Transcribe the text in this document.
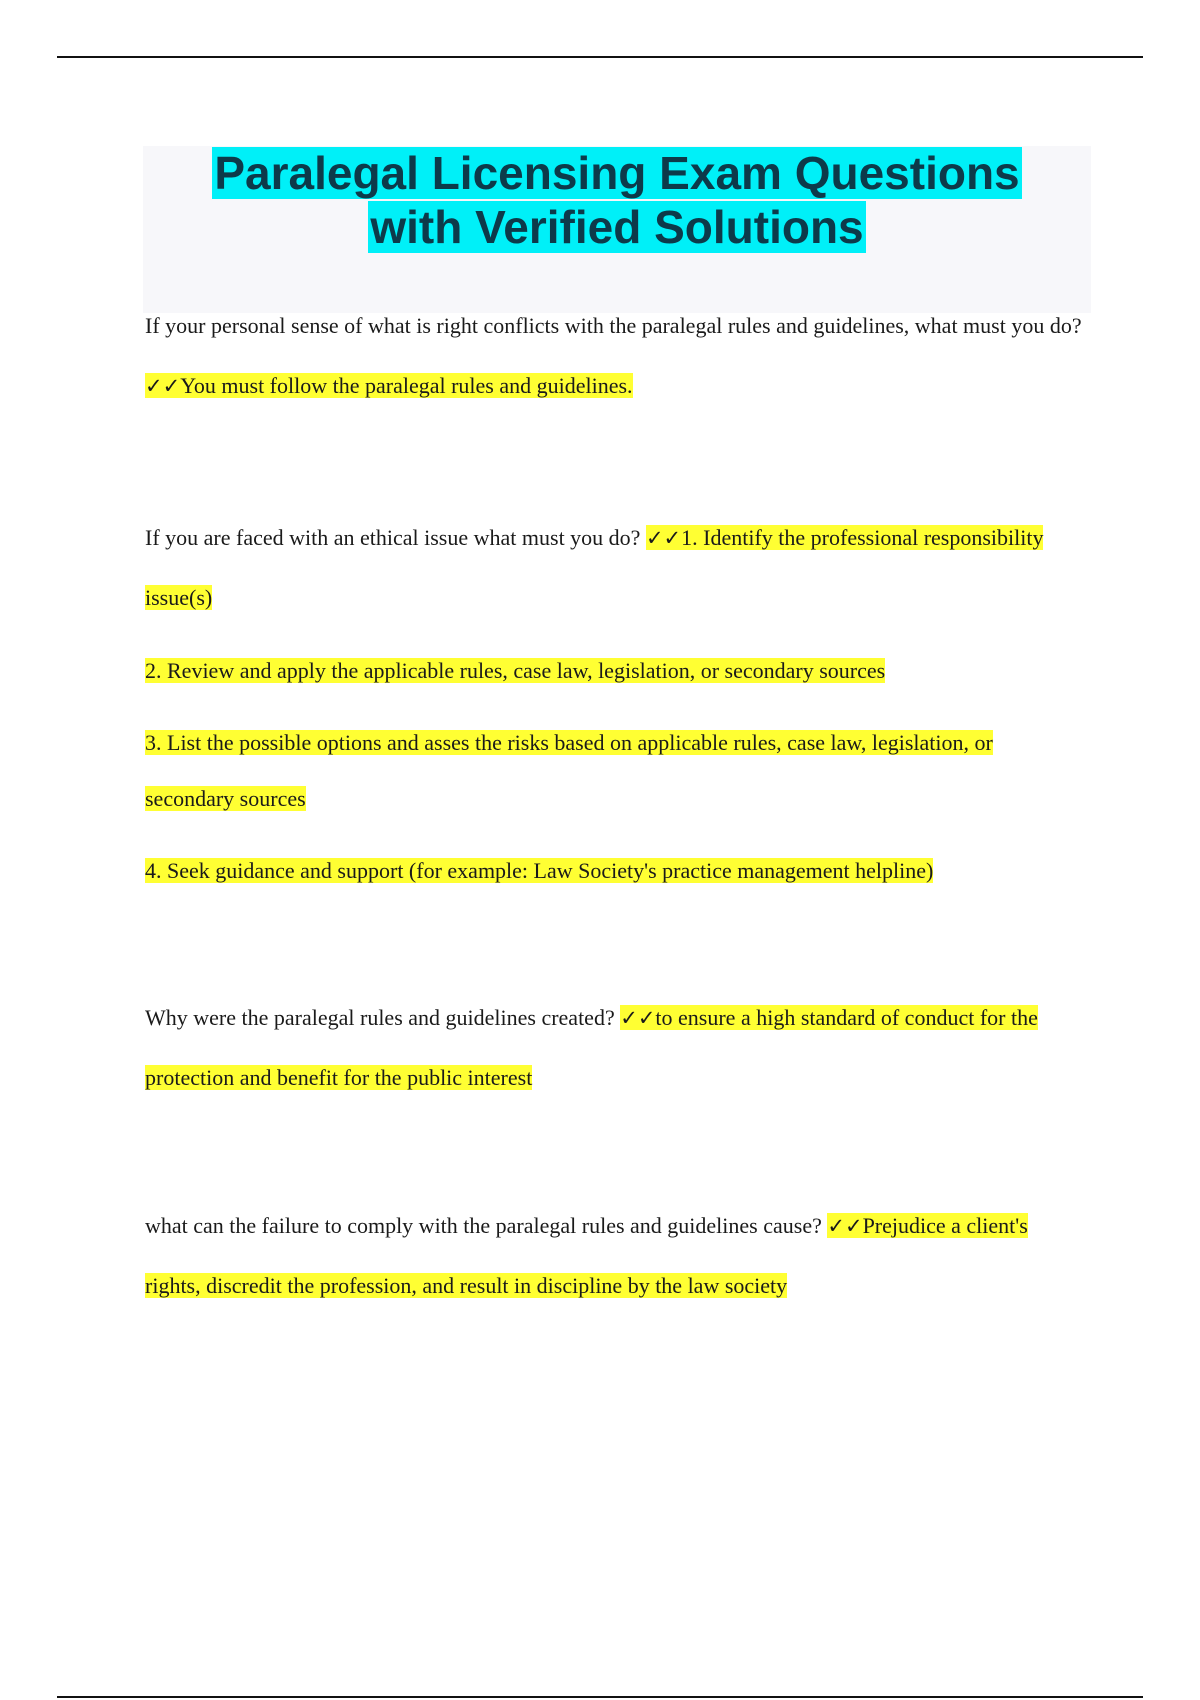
Paralegal Licensing Exam Questions
with Verified Solutions

If your personal sense of what is right conflicts with the paralegal rules and guidelines, what must you do? ✓✓You must follow the paralegal rules and guidelines.

If you are faced with an ethical issue what must you do? ✓✓1. Identify the professional responsibility issue(s)

2. Review and apply the applicable rules, case law, legislation, or secondary sources

3. List the possible options and asses the risks based on applicable rules, case law, legislation, or secondary sources

4. Seek guidance and support (for example: Law Society's practice management helpline)

Why were the paralegal rules and guidelines created? ✓✓to ensure a high standard of conduct for the protection and benefit for the public interest

what can the failure to comply with the paralegal rules and guidelines cause? ✓✓Prejudice a client's rights, discredit the profession, and result in discipline by the law society
